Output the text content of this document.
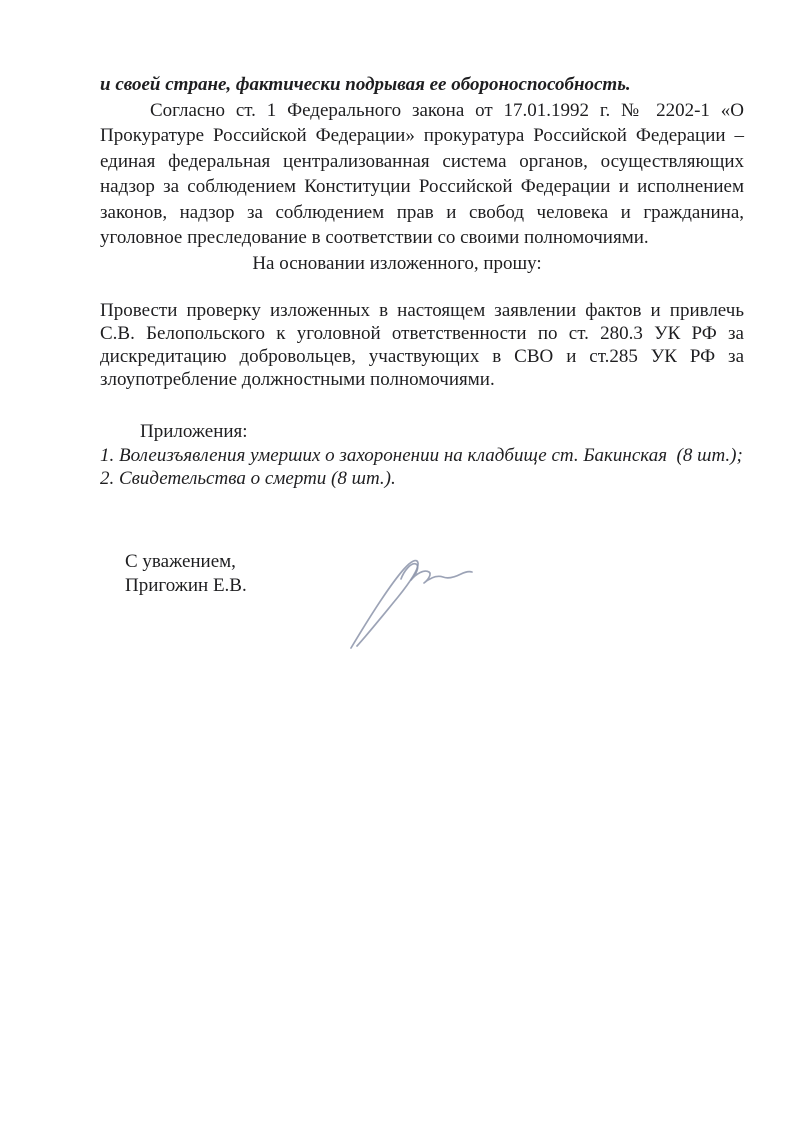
и своей стране, фактически подрывая ее обороноспособность.
Согласно ст. 1 Федерального закона от 17.01.1992 г. № 2202-1 «О
Прокуратуре Российской Федерации» прокуратура Российской Федерации –
единая федеральная централизованная система органов, осуществляющих
надзор за соблюдением Конституции Российской Федерации и исполнением
законов, надзор за соблюдением прав и свобод человека и гражданина,
уголовное преследование в соответствии со своими полномочиями.
На основании изложенного, прошу:
Провести проверку изложенных в настоящем заявлении фактов и привлечь
С.В. Белопольского к уголовной ответственности по ст. 280.3 УК РФ за
дискредитацию добровольцев, участвующих в СВО и ст.285 УК РФ за
злоупотребление должностными полномочиями.
Приложения:
1. Волеизъявления умерших о захоронении на кладбище ст. Бакинская  (8 шт.);
2. Свидетельства о смерти (8 шт.).
С уважением,
Пригожин Е.В.
